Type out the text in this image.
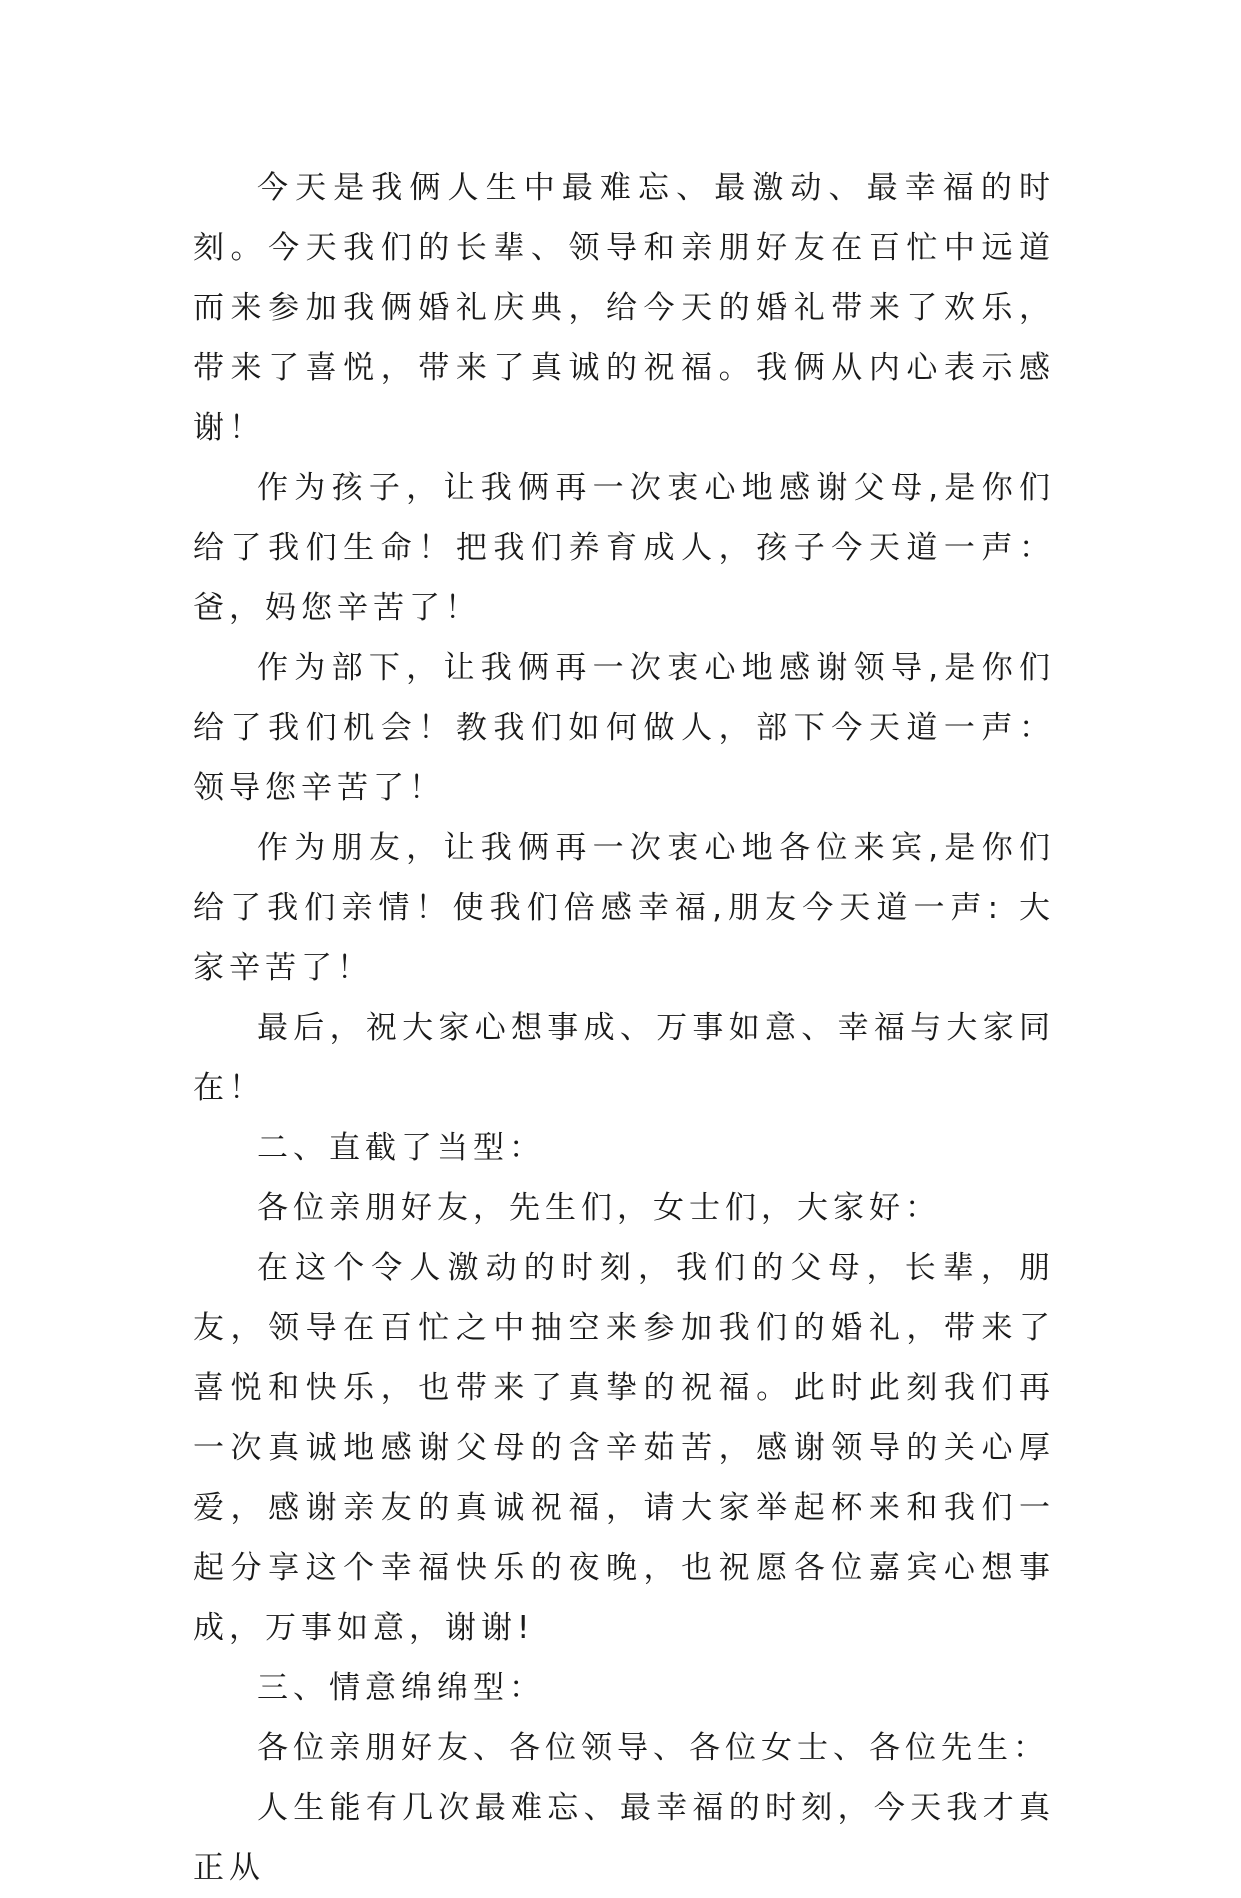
今天是我俩人生中最难忘、最激动、最幸福的时刻。今天我们的长辈、领导和亲朋好友在百忙中远道而来参加我俩婚礼庆典，给今天的婚礼带来了欢乐，带来了喜悦，带来了真诚的祝福。我俩从内心表示感谢！

作为孩子，让我俩再一次衷心地感谢父母,是你们给了我们生命！把我们养育成人，孩子今天道一声：爸，妈您辛苦了！

作为部下，让我俩再一次衷心地感谢领导,是你们给了我们机会！教我们如何做人，部下今天道一声：领导您辛苦了！

作为朋友，让我俩再一次衷心地各位来宾,是你们给了我们亲情！使我们倍感幸福,朋友今天道一声: 大家辛苦了！

最后，祝大家心想事成、万事如意、幸福与大家同在！

二、直截了当型：

各位亲朋好友，先生们，女士们，大家好：

在这个令人激动的时刻，我们的父母，长辈，朋友，领导在百忙之中抽空来参加我们的婚礼，带来了喜悦和快乐，也带来了真挚的祝福。此时此刻我们再一次真诚地感谢父母的含辛茹苦，感谢领导的关心厚爱，感谢亲友的真诚祝福，请大家举起杯来和我们一起分享这个幸福快乐的夜晚，也祝愿各位嘉宾心想事成，万事如意，谢谢!

三、情意绵绵型：

各位亲朋好友、各位领导、各位女士、各位先生：

人生能有几次最难忘、最幸福的时刻，今天我才真正从
